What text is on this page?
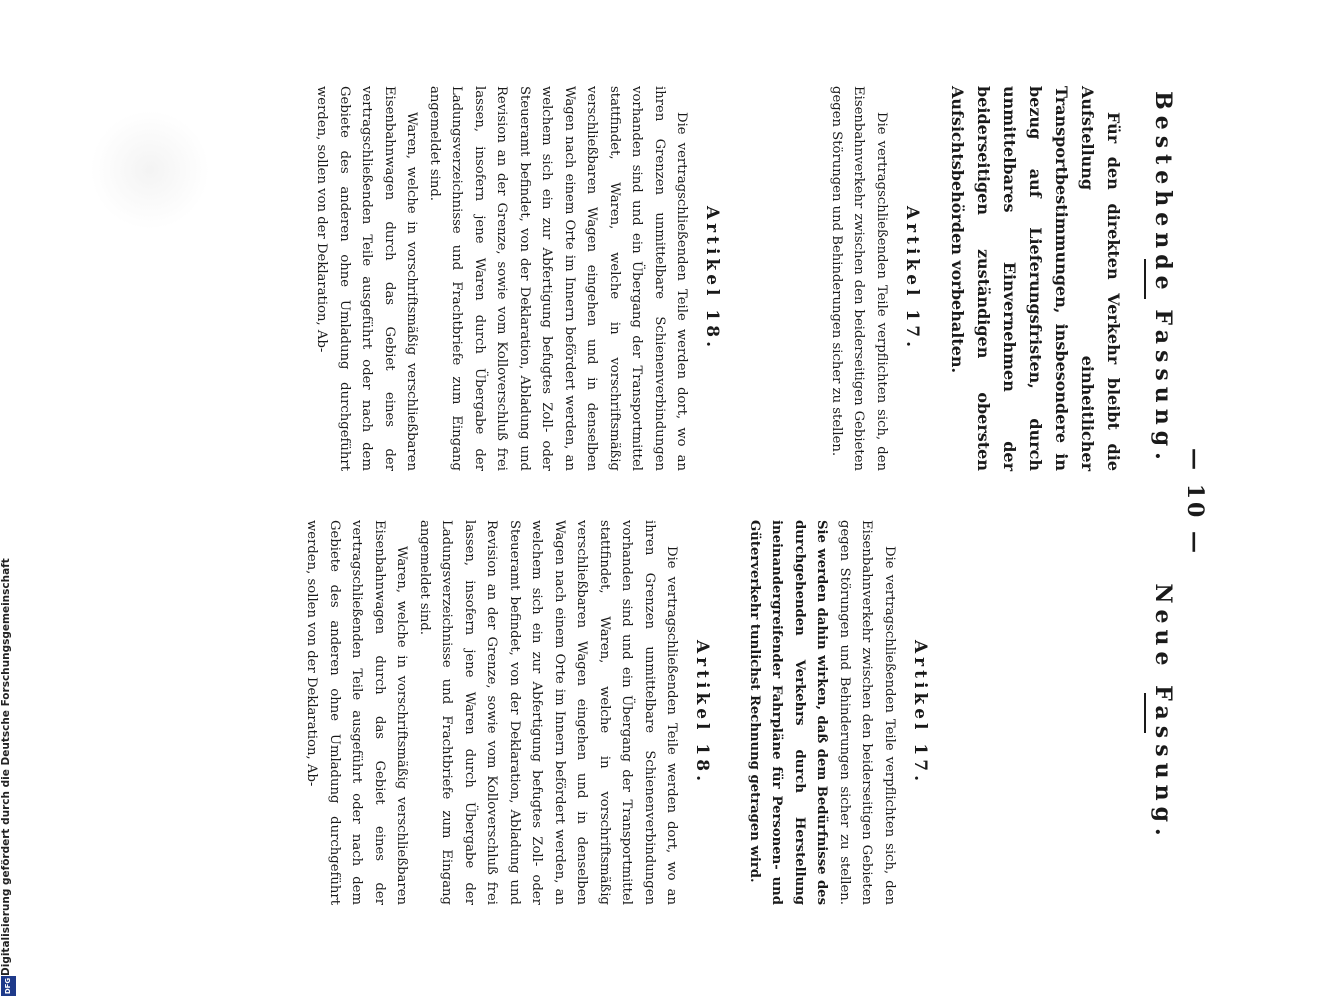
— 10 —
Bestehende Fassung.

Für den direkten Verkehr bleibt die Aufstellung einheitlicher Transportbestimmungen, insbesondere in bezug auf Lieferungsfristen, durch unmittelbares Einvernehmen der beiderseitigen zuständigen obersten Aufsichtsbehörden vorbehalten.

Artikel 17.

Die vertragschließenden Teile verpflichten sich, den Eisenbahnverkehr zwischen den beiderseitigen Gebieten gegen Störungen und Behinderungen sicher zu stellen.

Artikel 18.

Die vertragschließenden Teile werden dort, wo an ihren Grenzen unmittelbare Schienenverbindungen vorhanden sind und ein Übergang der Transportmittel stattfindet, Waren, welche in vorschriftsmäßig verschließbaren Wagen eingehen und in denselben Wagen nach einem Orte im Innern befördert werden, an welchem sich ein zur Abfertigung befugtes Zoll- oder Steueramt befindet, von der Deklaration, Abladung und Revision an der Grenze, sowie vom Kolloverschluß frei lassen, insofern jene Waren durch Übergabe der Ladungsverzeichnisse und Frachtbriefe zum Eingang angemeldet sind.

Waren, welche in vorschriftsmäßig verschließbaren Eisenbahnwagen durch das Gebiet eines der vertragschließenden Teile ausgeführt oder nach dem Gebiete des anderen ohne Umladung durchgeführt werden, sollen von der Deklaration, Ab-

Neue Fassung.
Artikel 17.

Die vertragschließenden Teile verpflichten sich, den Eisenbahnverkehr zwischen den beiderseitigen Gebieten gegen Störungen und Behinderungen sicher zu stellen. Sie werden dahin wirken, daß dem Bedürfnisse des durchgehenden Verkehrs durch Herstellung ineinandergreifender Fahrpläne für Personen- und Güterverkehr tunlichst Rechnung getragen wird.

Artikel 18.

Die vertragschließenden Teile werden dort, wo an ihren Grenzen unmittelbare Schienenverbindungen vorhanden sind und ein Übergang der Transportmittel stattfindet, Waren, welche in vorschriftsmäßig verschließbaren Wagen eingehen und in denselben Wagen nach einem Orte im Innern befördert werden, an welchem sich ein zur Abfertigung befugtes Zoll- oder Steueramt befindet, von der Deklaration, Abladung und Revision an der Grenze, sowie vom Kolloverschluß frei lassen, insofern jene Waren durch Übergabe der Ladungsverzeichnisse und Frachtbriefe zum Eingang angemeldet sind.

Waren, welche in vorschriftsmäßig verschließbaren Eisenbahnwagen durch das Gebiet eines der vertragschließenden Teile ausgeführt oder nach dem Gebiete des anderen ohne Umladung durchgeführt werden, sollen von der Deklaration, Ab-

Digitalisierung gefördert durch die Deutsche Forschungsgemeinschaft
DFG
